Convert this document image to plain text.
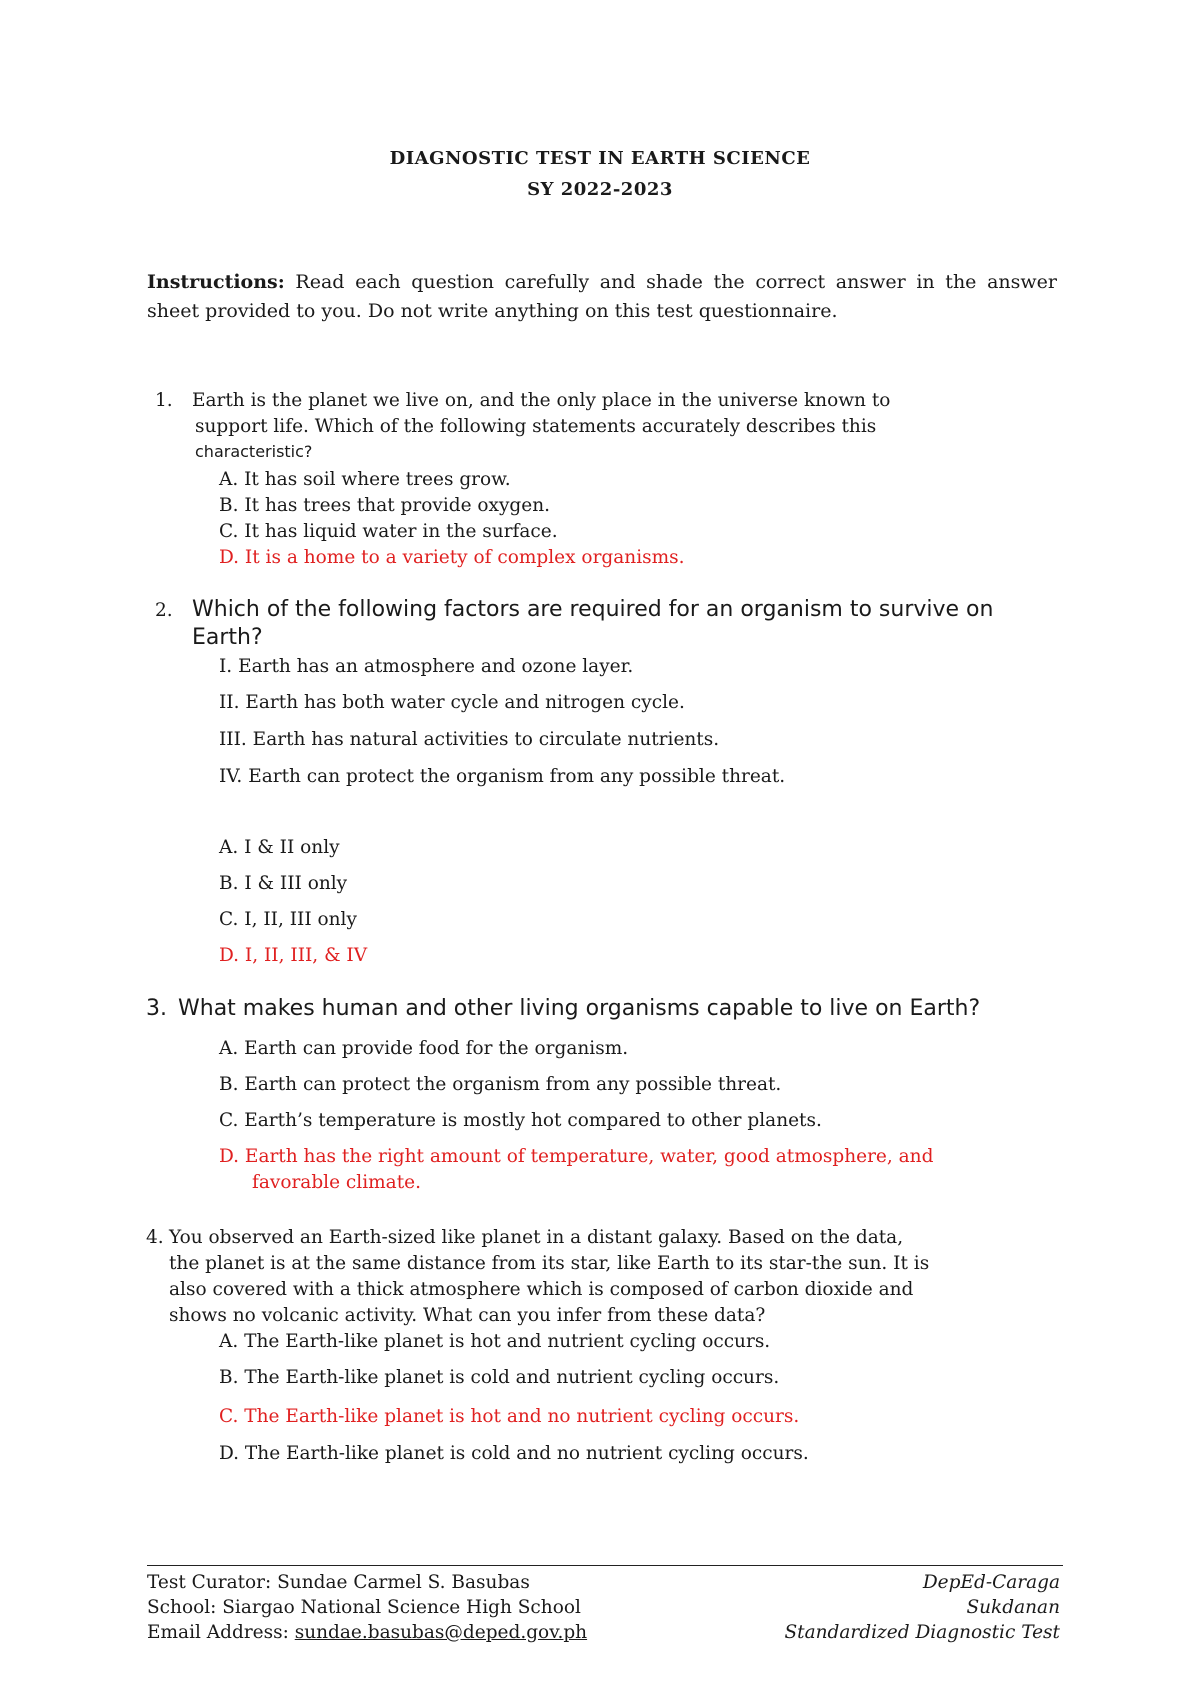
DIAGNOSTIC TEST IN EARTH SCIENCE
SY 2022-2023
Instructions: Read each question carefully and shade the correct answer in the answer sheet provided to you. Do not write anything on this test questionnaire.
1. Earth is the planet we live on, and the only place in the universe known to
support life. Which of the following statements accurately describes this
characteristic?
A. It has soil where trees grow.
B. It has trees that provide oxygen.
C. It has liquid water in the surface.
D. It is a home to a variety of complex organisms.
2. Which of the following factors are required for an organism to survive on
Earth?
I. Earth has an atmosphere and ozone layer.
II. Earth has both water cycle and nitrogen cycle.
III. Earth has natural activities to circulate nutrients.
IV. Earth can protect the organism from any possible threat.
A. I & II only
B. I & III only
C. I, II, III only
D. I, II, III, & IV
3. What makes human and other living organisms capable to live on Earth?
A. Earth can provide food for the organism.
B. Earth can protect the organism from any possible threat.
C. Earth’s temperature is mostly hot compared to other planets.
D. Earth has the right amount of temperature, water, good atmosphere, and
favorable climate.
4. You observed an Earth-sized like planet in a distant galaxy. Based on the data,
the planet is at the same distance from its star, like Earth to its star-the sun. It is
also covered with a thick atmosphere which is composed of carbon dioxide and
shows no volcanic activity. What can you infer from these data?
A. The Earth-like planet is hot and nutrient cycling occurs.
B. The Earth-like planet is cold and nutrient cycling occurs.
C. The Earth-like planet is hot and no nutrient cycling occurs.
D. The Earth-like planet is cold and no nutrient cycling occurs.
Test Curator: Sundae Carmel S. Basubas
School: Siargao National Science High School
Email Address: sundae.basubas@deped.gov.ph
DepEd-Caraga
Sukdanan
Standardized Diagnostic Test
